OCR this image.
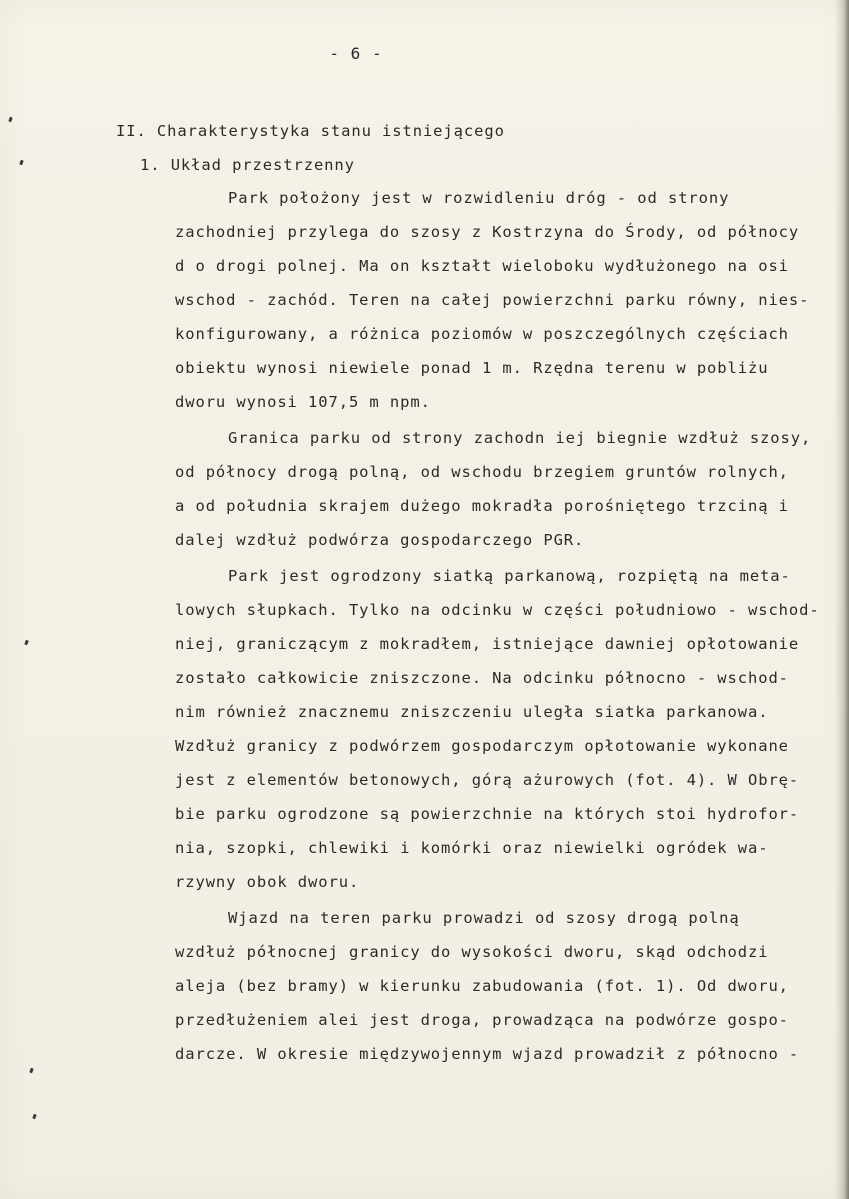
- 6 -
II. Charakterystyka stanu istniejącego
1. Układ przestrzenny
Park położony jest w rozwidleniu dróg - od strony
zachodniej przylega do szosy z Kostrzyna do Środy, od północy
d o drogi polnej. Ma on kształt wieloboku wydłużonego na osi
wschod - zachód. Teren na całej powierzchni parku równy, nies-
konfigurowany, a różnica poziomów w poszczególnych częściach
obiektu wynosi niewiele ponad 1 m. Rzędna terenu w pobliżu
dworu wynosi 107,5 m npm.
Granica parku od strony zachodn iej biegnie wzdłuż szosy,
od północy drogą polną, od wschodu brzegiem gruntów rolnych,
a od południa skrajem dużego mokradła porośniętego trzciną i
dalej wzdłuż podwórza gospodarczego PGR.
Park jest ogrodzony siatką parkanową, rozpiętą na meta-
lowych słupkach. Tylko na odcinku w części południowo - wschod-
niej, graniczącym z mokradłem, istniejące dawniej opłotowanie
zostało całkowicie zniszczone. Na odcinku północno - wschod-
nim również znacznemu zniszczeniu uległa siatka parkanowa.
Wzdłuż granicy z podwórzem gospodarczym opłotowanie wykonane
jest z elementów betonowych, górą ażurowych (fot. 4). W Obrę-
bie parku ogrodzone są powierzchnie na których stoi hydrofor-
nia, szopki, chlewiki i komórki oraz niewielki ogródek wa-
rzywny obok dworu.
Wjazd na teren parku prowadzi od szosy drogą polną
wzdłuż północnej granicy do wysokości dworu, skąd odchodzi
aleja (bez bramy) w kierunku zabudowania (fot. 1). Od dworu,
przedłużeniem alei jest droga, prowadząca na podwórze gospo-
darcze. W okresie międzywojennym wjazd prowadził z północno -
